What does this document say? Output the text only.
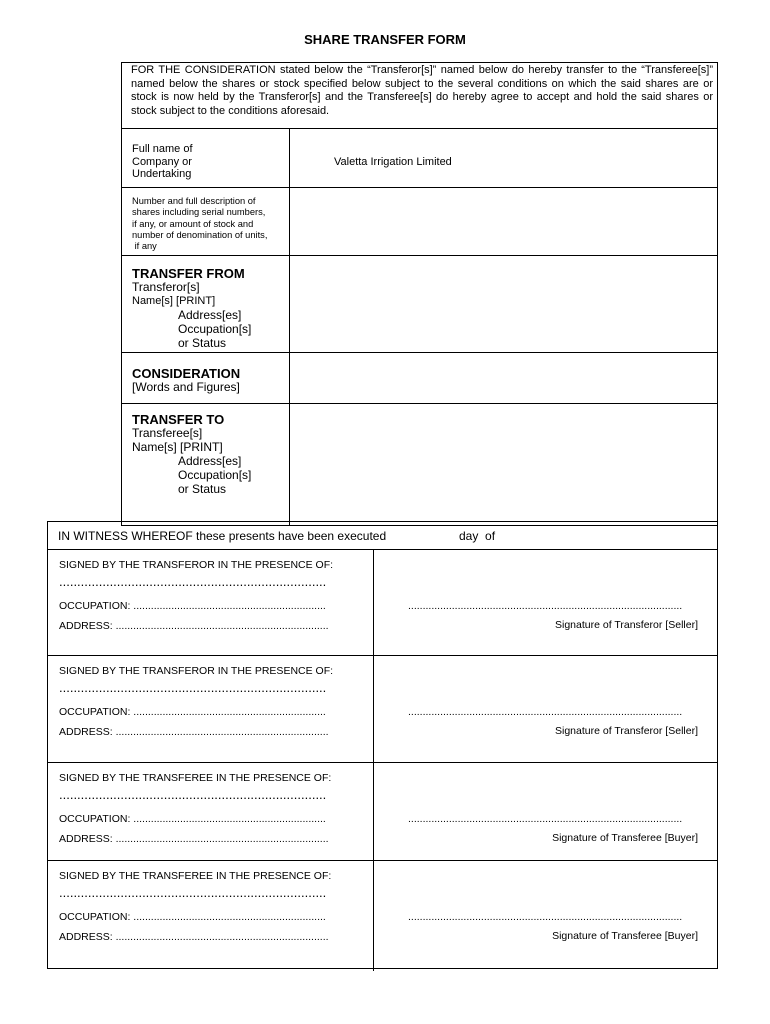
SHARE TRANSFER FORM
FOR THE CONSIDERATION stated below the “Transferor[s]” named below do hereby transfer to the “Transferee[s]” named below the shares or stock specified below subject to the several conditions on which the said shares are or stock is now held by the Transferor[s] and the Transferee[s] do hereby agree to accept and hold the said shares or stock subject to the conditions aforesaid.
Full name of
Company or
Undertaking
Valetta Irrigation Limited
Number and full description of
shares including serial numbers,
if any, or amount of stock and
number of denomination of units,
if any
TRANSFER FROM
Transferor[s]
Name[s] [PRINT]
Address[es]
Occupation[s]
or Status
CONSIDERATION
[Words and Figures]
TRANSFER TO
Transferee[s]
Name[s] [PRINT]
Address[es]
Occupation[s]
or Status
IN WITNESS WHEREOF these presents have been executed	day  of
SIGNED BY THE TRANSFEROR IN THE PRESENCE OF:
..........................................................................
OCCUPATION: ..................................................................
ADDRESS: .........................................................................
..............................................................................................
Signature of Transferor [Seller]
SIGNED BY THE TRANSFEROR IN THE PRESENCE OF:
..........................................................................
OCCUPATION: ..................................................................
ADDRESS: .........................................................................
..............................................................................................
Signature of Transferor [Seller]
SIGNED BY THE TRANSFEREE IN THE PRESENCE OF:
..........................................................................
OCCUPATION: ..................................................................
ADDRESS: .........................................................................
..............................................................................................
Signature of Transferee [Buyer]
SIGNED BY THE TRANSFEREE IN THE PRESENCE OF:
..........................................................................
OCCUPATION: ..................................................................
ADDRESS: .........................................................................
..............................................................................................
Signature of Transferee [Buyer]
